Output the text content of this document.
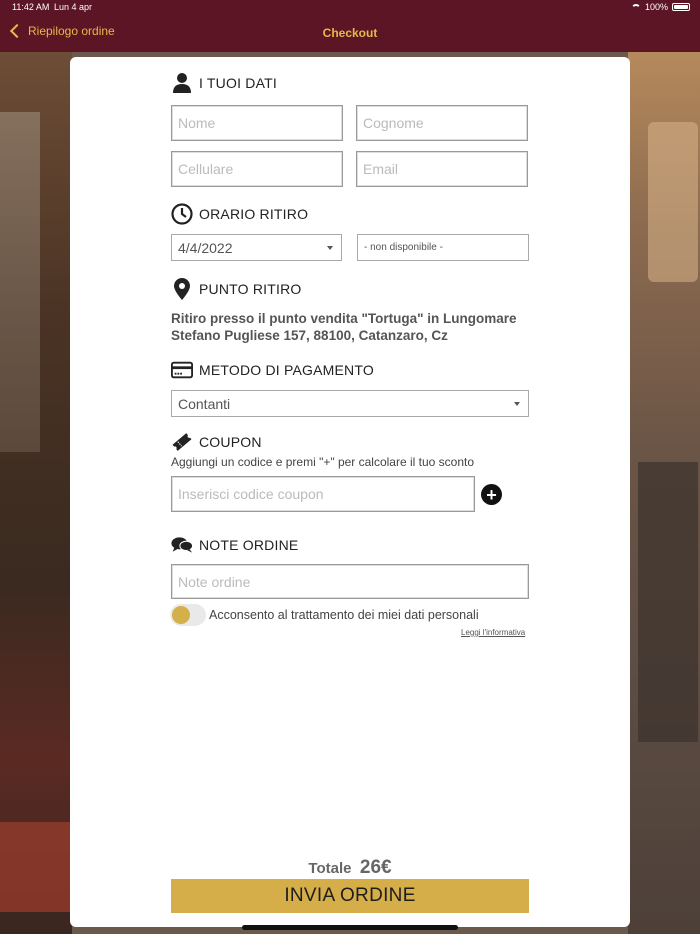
11:42 AM Lun 4 apr	100%
Riepilogo ordine	Checkout
I TUOI DATI
Nome	Cognome
Cellulare	Email
ORARIO RITIRO
4/4/2022	- non disponibile -
PUNTO RITIRO
Ritiro presso il punto vendita "Tortuga" in Lungomare Stefano Pugliese 157, 88100, Catanzaro, Cz
METODO DI PAGAMENTO
Contanti
COUPON
Aggiungi un codice e premi "+" per calcolare il tuo sconto
Inserisci codice coupon	+
NOTE ORDINE
Note ordine
Acconsento al trattamento dei miei dati personali
Leggi l'informativa
Totale 26€
INVIA ORDINE
